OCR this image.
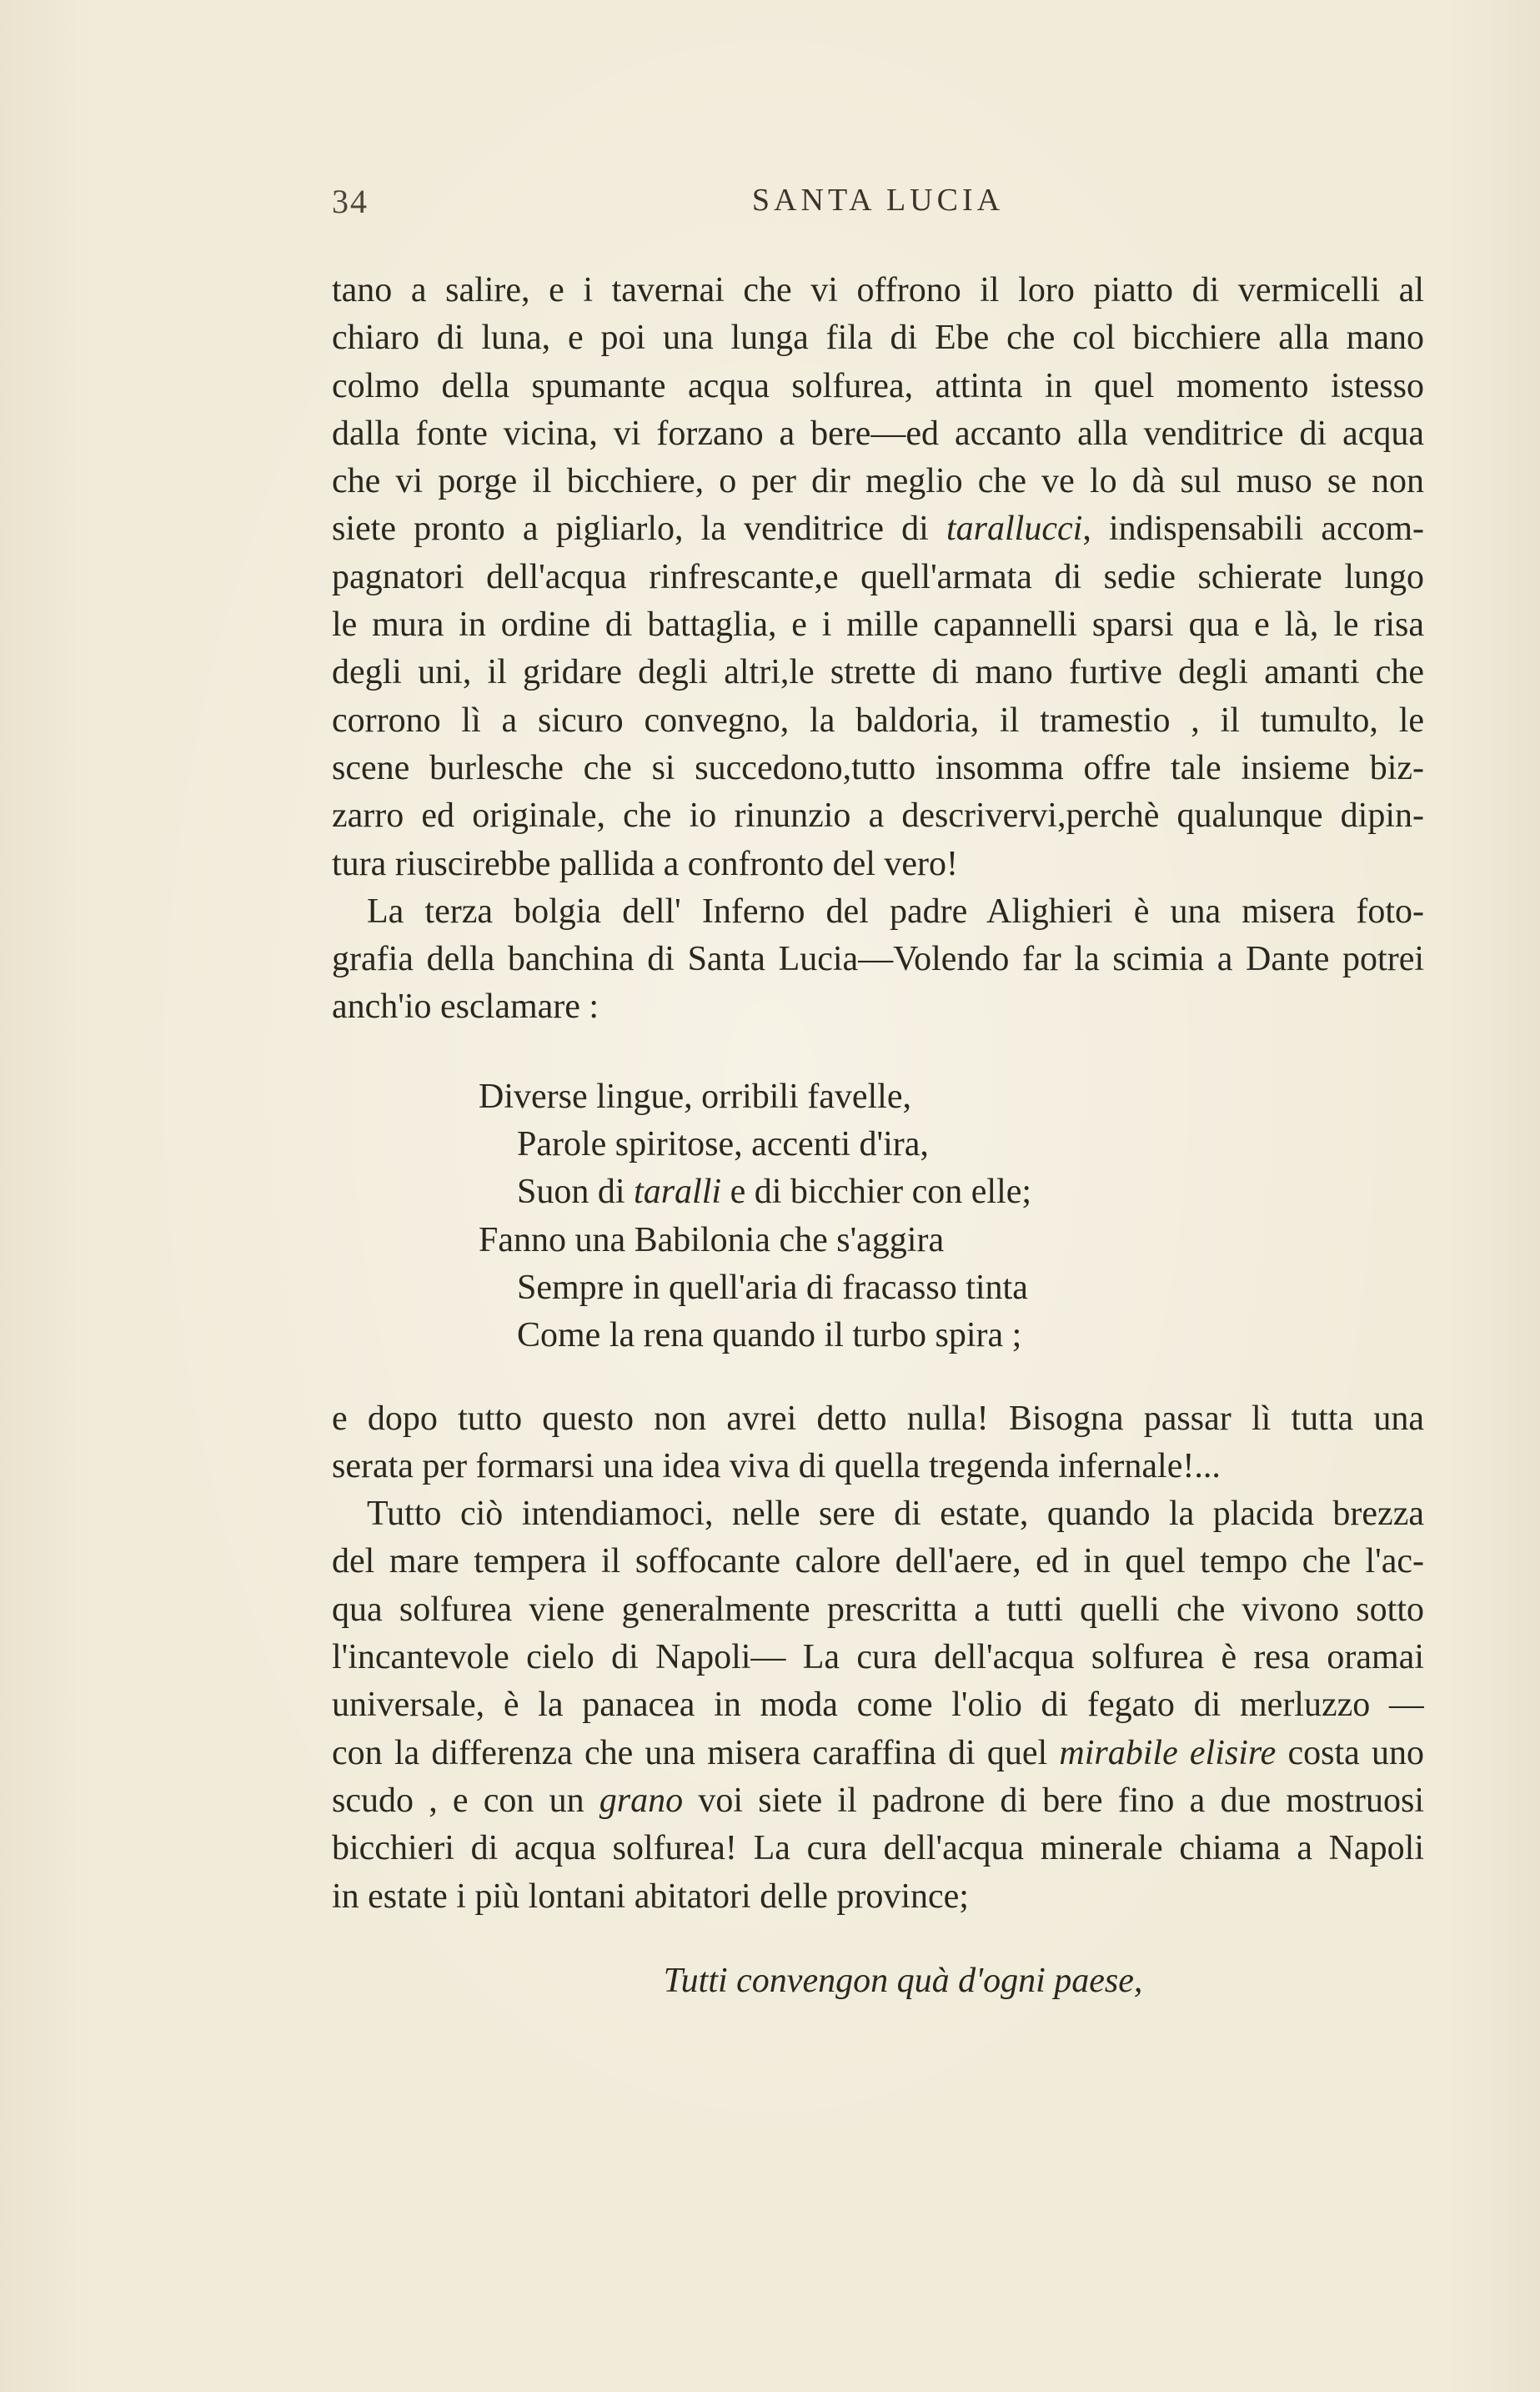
34	SANTA LUCIA

tano a salire, e i tavernai che vi offrono il loro piatto di vermicelli al
chiaro di luna, e poi una lunga fila di Ebe che col bicchiere alla mano
colmo della spumante acqua solfurea, attinta in quel momento istesso
dalla fonte vicina, vi forzano a bere—ed accanto alla venditrice di acqua
che vi porge il bicchiere, o per dir meglio che ve lo dà sul muso se non
siete pronto a pigliarlo, la venditrice di tarallucci, indispensabili accom-
pagnatori dell'acqua rinfrescante,e quell'armata di sedie schierate lungo
le mura in ordine di battaglia, e i mille capannelli sparsi qua e là, le risa
degli uni, il gridare degli altri,le strette di mano furtive degli amanti che
corrono lì a sicuro convegno, la baldoria, il tramestio , il tumulto, le
scene burlesche che si succedono,tutto insomma offre tale insieme biz-
zarro ed originale, che io rinunzio a descrivervi,perchè qualunque dipin-
tura riuscirebbe pallida a confronto del vero!

La terza bolgia dell' Inferno del padre Alighieri è una misera foto-
grafia della banchina di Santa Lucia—Volendo far la scimia a Dante potrei
anch'io esclamare :

Diverse lingue, orribili favelle,
Parole spiritose, accenti d'ira,
Suon di taralli e di bicchier con elle;
Fanno una Babilonia che s'aggira
Sempre in quell'aria di fracasso tinta
Come la rena quando il turbo spira ;

e dopo tutto questo non avrei detto nulla! Bisogna passar lì tutta una
serata per formarsi una idea viva di quella tregenda infernale!...

Tutto ciò intendiamoci, nelle sere di estate, quando la placida brezza
del mare tempera il soffocante calore dell'aere, ed in quel tempo che l'ac-
qua solfurea viene generalmente prescritta a tutti quelli che vivono sotto
l'incantevole cielo di Napoli— La cura dell'acqua solfurea è resa oramai
universale, è la panacea in moda come l'olio di fegato di merluzzo —
con la differenza che una misera caraffina di quel mirabile elisire costa uno
scudo , e con un grano voi siete il padrone di bere fino a due mostruosi
bicchieri di acqua solfurea! La cura dell'acqua minerale chiama a Napoli
in estate i più lontani abitatori delle province;

Tutti convengon quà d'ogni paese,
